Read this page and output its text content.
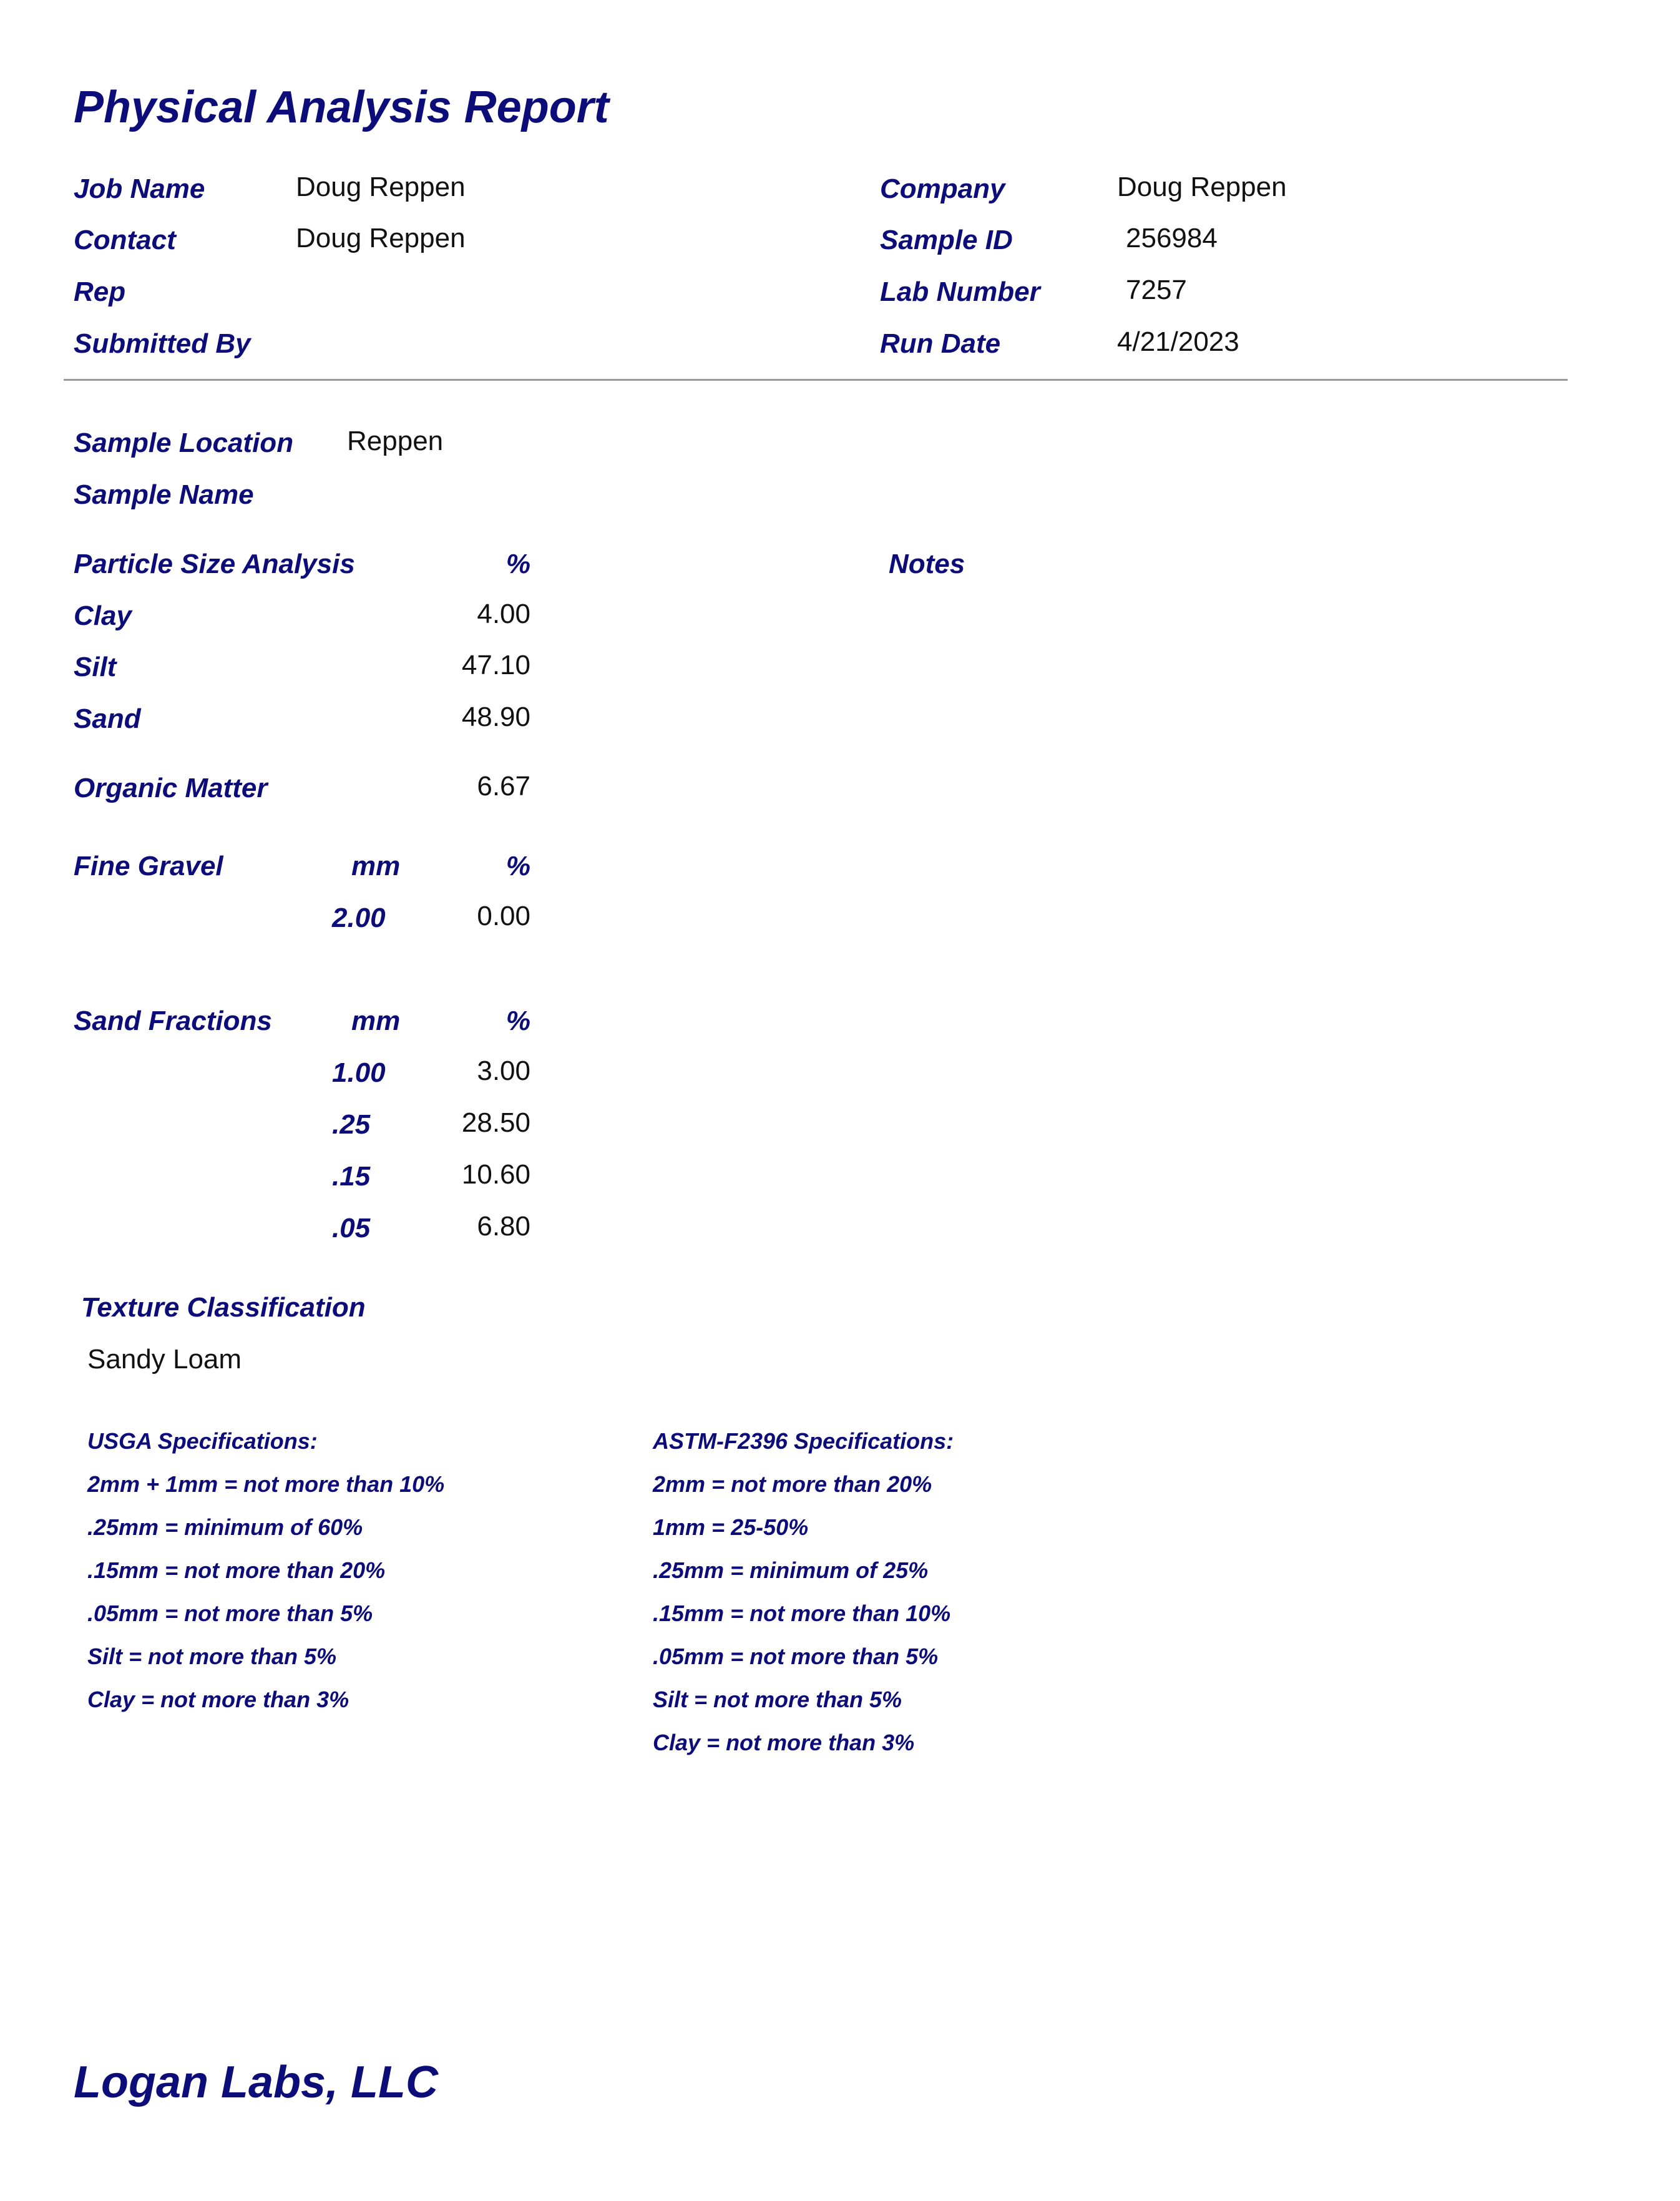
Physical Analysis Report
Job Name	Doug Reppen
Contact	Doug Reppen
Rep
Submitted By
Company	Doug Reppen
Sample ID	256984
Lab Number	7257
Run Date	4/21/2023
Sample Location Reppen
Sample Name
Particle Size Analysis	%	Notes
Clay	4.00
Silt	47.10
Sand	48.90
Organic Matter	6.67
Fine Gravel	mm	%
2.00	0.00
Sand Fractions	mm	%
1.00	3.00
.25	28.50
.15	10.60
.05	6.80
Texture Classification
Sandy Loam
USGA Specifications:
2mm + 1mm = not more than 10%
.25mm = minimum of 60%
.15mm = not more than 20%
.05mm = not more than 5%
Silt = not more than 5%
Clay = not more than 3%
ASTM-F2396 Specifications:
2mm = not more than 20%
1mm = 25-50%
.25mm = minimum of 25%
.15mm = not more than 10%
.05mm = not more than 5%
Silt = not more than 5%
Clay = not more than 3%
Logan Labs, LLC
